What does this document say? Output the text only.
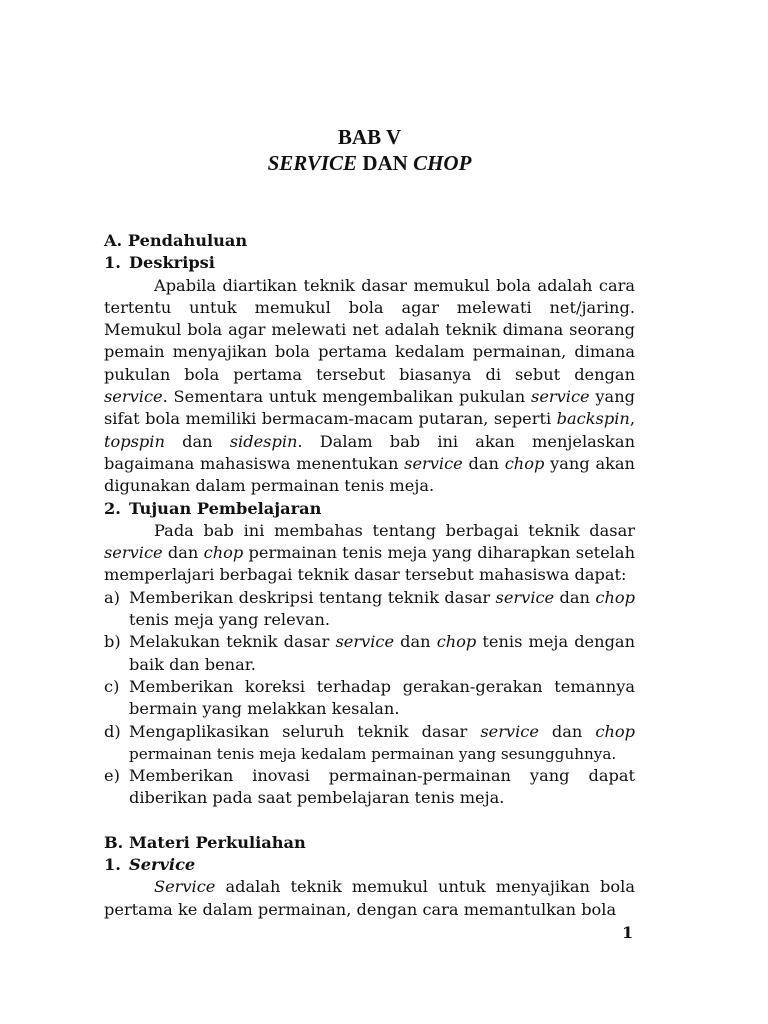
BAB V
SERVICE DAN CHOP
A. Pendahuluan
1. Deskripsi

Apabila diartikan teknik dasar memukul bola adalah cara tertentu untuk memukul bola agar melewati net/jaring. Memukul bola agar melewati net adalah teknik dimana seorang pemain menyajikan bola pertama kedalam permainan, dimana pukulan bola pertama tersebut biasanya di sebut dengan service. Sementara untuk mengembalikan pukulan service yang sifat bola memiliki bermacam-macam putaran, seperti backspin, topspin dan sidespin. Dalam bab ini akan menjelaskan bagaimana mahasiswa menentukan service dan chop yang akan digunakan dalam permainan tenis meja.

2. Tujuan Pembelajaran

Pada bab ini membahas tentang berbagai teknik dasar service dan chop permainan tenis meja yang diharapkan setelah memperlajari berbagai teknik dasar tersebut mahasiswa dapat:

a) Memberikan deskripsi tentang teknik dasar service dan chop tenis meja yang relevan.
b) Melakukan teknik dasar service dan chop tenis meja dengan baik dan benar.
c) Memberikan koreksi terhadap gerakan-gerakan temannya bermain yang melakkan kesalan.
d) Mengaplikasikan seluruh teknik dasar service dan chop permainan tenis meja kedalam permainan yang sesungguhnya.
e) Memberikan inovasi permainan-permainan yang dapat diberikan pada saat pembelajaran tenis meja.
B. Materi Perkuliahan
1. Service

Service adalah teknik memukul untuk menyajikan bola pertama ke dalam permainan, dengan cara memantulkan bola

1
